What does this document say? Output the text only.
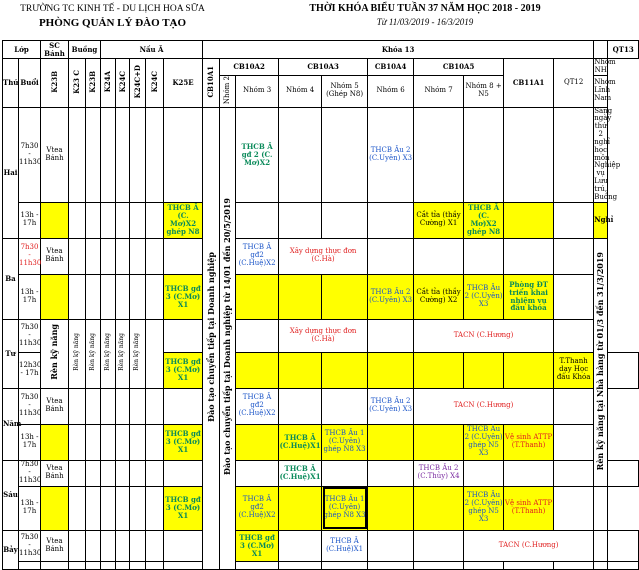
TRƯỜNG TC KINH TẾ - DU LỊCH HOA SỮA
PHÒNG QUẢN LÝ ĐÀO TẠO
THỜI KHÓA BIỂU TUẦN 37 NĂM HỌC 2018 - 2019
Từ 11/03/2019 - 16/3/2019
Lớp		SC Bánh	Buồng		Nấu Ă					Khóa 13											QT13
Thứ	Buổi	K23B	K23 C	K23B	K24A	K24C	K24C+D	K24C	K25E	CB10A1	CB10A2		CB10A3		CB10A4	CB10A5		CB11A1	QT12	Nhóm NH	
											Nhóm 2	Nhóm 3	Nhóm 4	Nhóm 5 (Ghép N8)	Nhóm 6	Nhóm 7	Nhóm 8 + N5			Nhóm Lĩnh Nam	
Hai	7h30 - 11h30	Vtea Bánh								Đào tạo chuyển tiếp tại Doanh nghiệp	Đào tạo chuyển tiếp tại Doanh nghiệp từ 14/01 đến 20/5/2019	THCB Â gđ 2 (C. Mơ)X2			THCB Âu 2 (C.Uyên) X3					Sáng ngày thứ 2 nghỉ học môn Nghiệp vụ Lưu trú, Buồng	
	13h - 17h								THCB Â (C. Mơ)X2 ghép N8							Cắt tỉa (thầy Cường) X1	THCB Â (C. Mơ)X2 ghép N8			Nghỉ	
Ba	7h30 - 11h30	Vtea Bánh										THCB Â gđ2 (C.Huệ)X2	Xây dựng thực đơn (C.Hà)							Rèn kỹ năng tại Nhà hàng từ 01/3 đến 31/3/2019	
	13h - 17h								THCB gđ 3 (C.Mơ) X1						THCB Âu 2 (C.Uyên) X3	Cắt tỉa (thầy Cường) X2	THCB Âu 2 (C.Uyên) X3	Phòng ĐT triển khai nhiệm vụ đầu khóa			
Tư	7h30 - 11h30	Rèn kỹ năng	Rèn kỹ năng	Rèn kỹ năng	Rèn kỹ năng	Rèn kỹ năng	Rèn kỹ năng						Xây dựng thực đơn (C.Hà)			TACN (C.Hương)					
	12h30 - 17h								THCB gđ 3 (C.Mơ) X1										T.Thanh dạy Học đầu Khóa		
Năm	7h30 - 11h30	Vtea Bánh										THCB Â gđ2 (C.Huệ)X2			THCB Âu 2 (C.Uyên) X3	TACN (C.Hương)					
	13h - 17h								THCB gđ 3 (C.Mơ) X1				THCB Â (C.Huệ)X1	THCB Âu 1 (C.Uyên) ghép N8 X3			THCB Âu 2 (C.Uyên) ghép N5 X3	Vệ sinh ATTP (T.Thanh)			
Sáu	7h30 - 11h30	Vtea Bánh											THCB Â (C.Huệ)X1			THCB Âu 2 (C.Thủy) X4					
	13h - 17h								THCB gđ 3 (C.Mơ) X1			THCB Â gđ2 (C.Huệ)X2		THCB Âu 1 (C.Uyên) ghép N8 X3			THCB Âu 2 (C.Uyên) ghép N5 X3	Vệ sinh ATTP (T.Thanh)			
Bảy	7h30 - 11h30	Vtea Bánh										THCB gđ 3 (C.Mơ) X1		THCB Â (C.Huệ)X1			TACN (C.Hương)				
